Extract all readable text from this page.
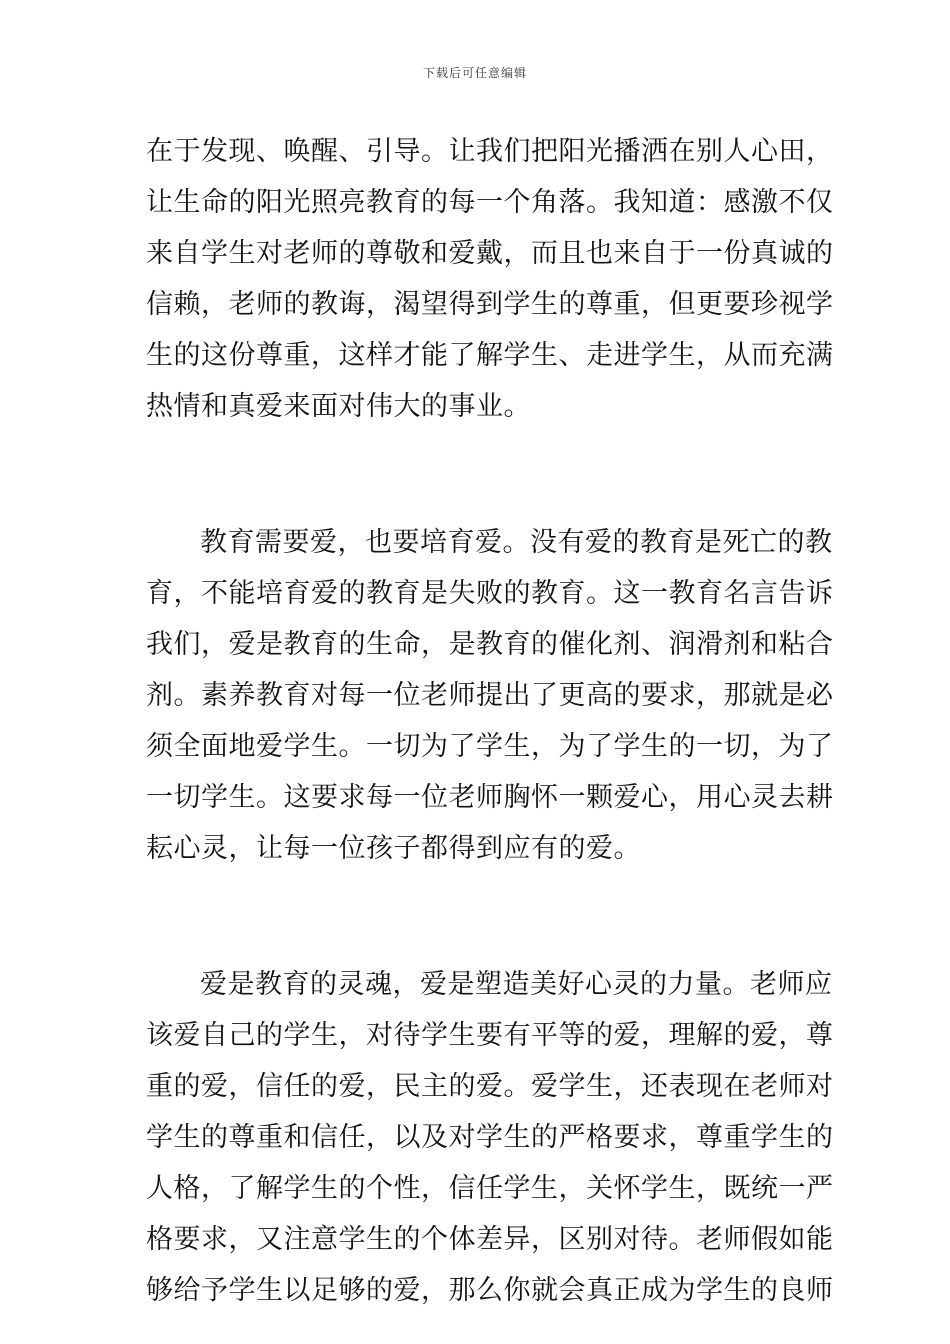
下载后可任意编辑
在于发现、唤醒、引导。让我们把阳光播洒在别人心田，
让生命的阳光照亮教育的每一个角落。我知道：感激不仅
来自学生对老师的尊敬和爱戴，而且也来自于一份真诚的
信赖，老师的教诲，渴望得到学生的尊重，但更要珍视学
生的这份尊重，这样才能了解学生、走进学生，从而充满
热情和真爱来面对伟大的事业。
教育需要爱，也要培育爱。没有爱的教育是死亡的教
育，不能培育爱的教育是失败的教育。这一教育名言告诉
我们，爱是教育的生命，是教育的催化剂、润滑剂和粘合
剂。素养教育对每一位老师提出了更高的要求，那就是必
须全面地爱学生。一切为了学生，为了学生的一切，为了
一切学生。这要求每一位老师胸怀一颗爱心，用心灵去耕
耘心灵，让每一位孩子都得到应有的爱。
爱是教育的灵魂，爱是塑造美好心灵的力量。老师应
该爱自己的学生，对待学生要有平等的爱，理解的爱，尊
重的爱，信任的爱，民主的爱。爱学生，还表现在老师对
学生的尊重和信任，以及对学生的严格要求，尊重学生的
人格，了解学生的个性，信任学生，关怀学生，既统一严
格要求，又注意学生的个体差异，区别对待。老师假如能
够给予学生以足够的爱，那么你就会真正成为学生的良师
